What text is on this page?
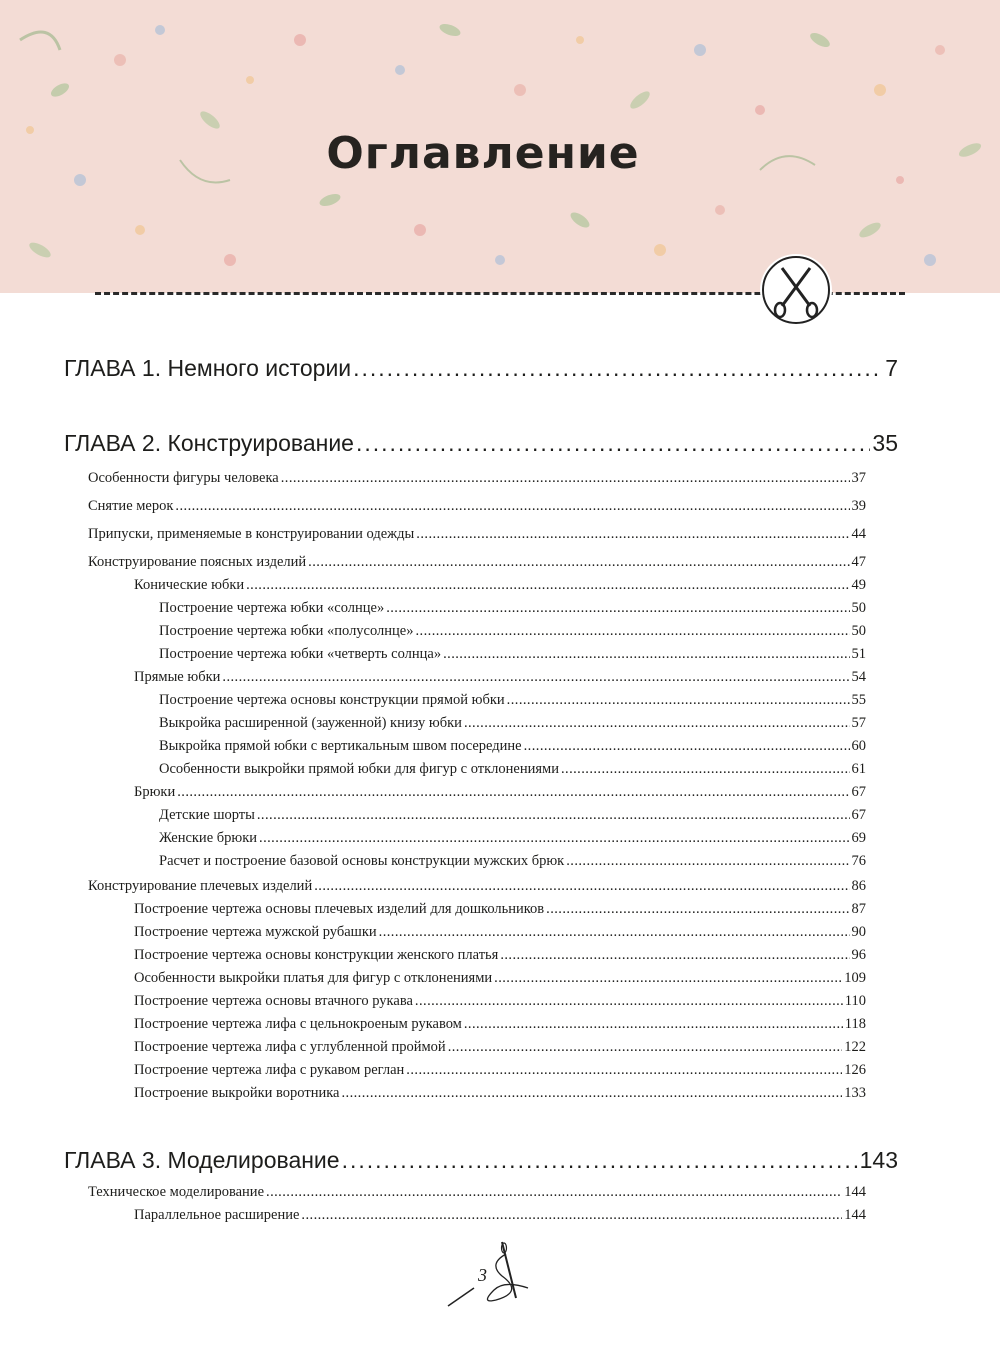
Оглавление
ГЛАВА 1. Немного истории . . .	7
ГЛАВА 2. Конструирование . . .	35
Особенности фигуры человека . . .	37
Снятие мерок . . .	39
Припуски, применяемые в конструировании одежды . . .	44
Конструирование поясных изделий . . .	47
Конические юбки . . .	49
Построение чертежа юбки «солнце» . . .	50
Построение чертежа юбки «полусолнце» . . .	50
Построение чертежа юбки «четверть солнца» . . .	51
Прямые юбки . . .	54
Построение чертежа основы конструкции прямой юбки . . .	55
Выкройка расширенной (зауженной) книзу юбки . . .	57
Выкройка прямой юбки с вертикальным швом посередине . . .	60
Особенности выкройки прямой юбки для фигур с отклонениями . . .	61
Брюки . . .	67
Детские шорты . . .	67
Женские брюки . . .	69
Расчет и построение базовой основы конструкции мужских брюк . . .	76
Конструирование плечевых изделий . . .	86
Построение чертежа основы плечевых изделий для дошкольников . . .	87
Построение чертежа мужской рубашки . . .	90
Построение чертежа основы конструкции женского платья . . .	96
Особенности выкройки платья для фигур с отклонениями . . .	109
Построение чертежа основы втачного рукава . . .	110
Построение чертежа лифа с цельнокроеным рукавом . . .	118
Построение чертежа лифа с углубленной проймой . . .	122
Построение чертежа лифа с рукавом реглан . . .	126
Построение выкройки воротника . . .	133
ГЛАВА 3. Моделирование . . .	143
Техническое моделирование . . .	144
Параллельное расширение . . .	144
3
